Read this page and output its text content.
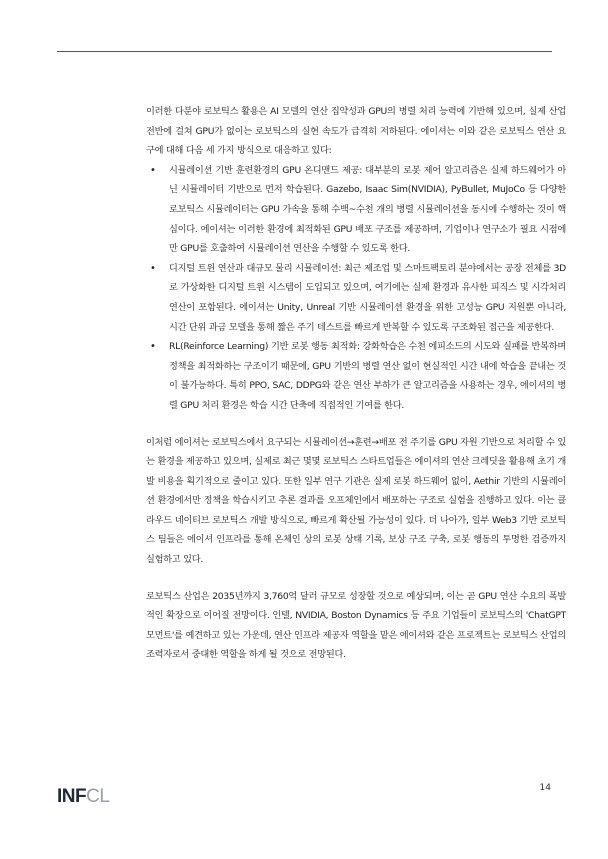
이러한 다분야 로보틱스 활용은 AI 모델의 연산 집약성과 GPU의 병렬 처리 능력에 기반해 있으며, 실제 산업 전반에 걸쳐 GPU가 없이는 로보틱스의 실현 속도가 급격히 저하된다. 에이셔는 이와 같은 로보틱스 연산 요구에 대해 다음 세 가지 방식으로 대응하고 있다:

• 시뮬레이션 기반 훈련환경의 GPU 온디맨드 제공: 대부분의 로봇 제어 알고리즘은 실제 하드웨어가 아닌 시뮬레이터 기반으로 먼저 학습된다. Gazebo, Isaac Sim(NVIDIA), PyBullet, MuJoCo 등 다양한 로보틱스 시뮬레이터는 GPU 가속을 통해 수백~수천 개의 병렬 시뮬레이션을 동시에 수행하는 것이 핵심이다. 에이셔는 이러한 환경에 최적화된 GPU 배포 구조를 제공하며, 기업이나 연구소가 필요 시점에만 GPU를 호출하여 시뮬레이션 연산을 수행할 수 있도록 한다.
• 디지털 트윈 연산과 대규모 물리 시뮬레이션: 최근 제조업 및 스마트팩토리 분야에서는 공장 전체를 3D로 가상화한 디지털 트윈 시스템이 도입되고 있으며, 여기에는 실제 환경과 유사한 피직스 및 시각처리 연산이 포함된다. 에이셔는 Unity, Unreal 기반 시뮬레이션 환경을 위한 고성능 GPU 지원뿐 아니라, 시간 단위 과금 모델을 통해 짧은 주기 테스트를 빠르게 반복할 수 있도록 구조화된 접근을 제공한다.
• RL(Reinforce Learning) 기반 로봇 행동 최적화: 강화학습은 수천 에피소드의 시도와 실패를 반복하며 정책을 최적화하는 구조이기 때문에, GPU 기반의 병렬 연산 없이 현실적인 시간 내에 학습을 끝내는 것이 불가능하다. 특히 PPO, SAC, DDPG와 같은 연산 부하가 큰 알고리즘을 사용하는 경우, 에이셔의 병렬 GPU 처리 환경은 학습 시간 단축에 직접적인 기여를 한다.

이처럼 에이셔는 로보틱스에서 요구되는 시뮬레이션→훈련→배포 전 주기를 GPU 자원 기반으로 처리할 수 있는 환경을 제공하고 있으며, 실제로 최근 몇몇 로보틱스 스타트업들은 에이셔의 연산 크레딧을 활용해 초기 개발 비용을 획기적으로 줄이고 있다. 또한 일부 연구 기관은 실제 로봇 하드웨어 없이, Aethir 기반의 시뮬레이션 환경에서만 정책을 학습시키고 추론 결과를 오프체인에서 배포하는 구조로 실험을 진행하고 있다. 이는 클라우드 네이티브 로보틱스 개발 방식으로, 빠르게 확산될 가능성이 있다. 더 나아가, 일부 Web3 기반 로보틱스 팀들은 에이셔 인프라를 통해 온체인 상의 로봇 상태 기록, 보상 구조 구축, 로봇 행동의 투명한 검증까지 실험하고 있다.

로보틱스 산업은 2035년까지 3,760억 달러 규모로 성장할 것으로 예상되며, 이는 곧 GPU 연산 수요의 폭발적인 확장으로 이어질 전망이다. 인텔, NVIDIA, Boston Dynamics 등 주요 기업들이 로보틱스의 'ChatGPT 모먼트'를 예견하고 있는 가운데, 연산 인프라 제공자 역할을 맡은 에이셔와 같은 프로젝트는 로보틱스 산업의 조력자로서 중대한 역할을 하게 될 것으로 전망된다.

INFCL	14
